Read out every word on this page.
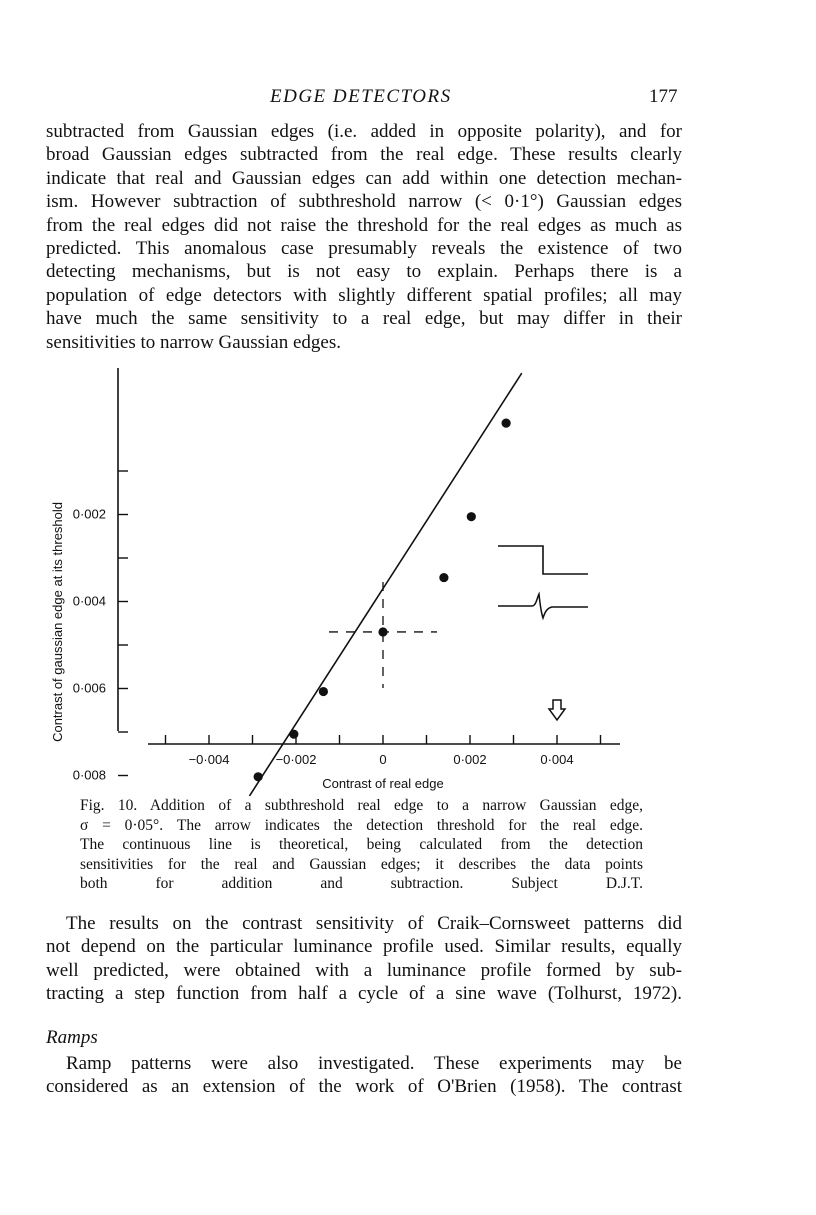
EDGE DETECTORS	177
subtracted from Gaussian edges (i.e. added in opposite polarity), and for
broad Gaussian edges subtracted from the real edge. These results clearly
indicate that real and Gaussian edges can add within one detection mechan-
ism. However subtraction of subthreshold narrow (< 0·1°) Gaussian edges
from the real edges did not raise the threshold for the real edges as much as
predicted. This anomalous case presumably reveals the existence of two
detecting mechanisms, but is not easy to explain. Perhaps there is a
population of edge detectors with slightly different spatial profiles; all may
have much the same sensitivity to a real edge, but may differ in their
sensitivities to narrow Gaussian edges.
0·002
0·004
0·006
0·008
−0·004	−0·002	0	0·002	0·004
Contrast of real edge
Contrast of gaussian edge at its threshold
Fig. 10. Addition of a subthreshold real edge to a narrow Gaussian edge,
σ = 0·05°. The arrow indicates the detection threshold for the real edge.
The continuous line is theoretical, being calculated from the detection
sensitivities for the real and Gaussian edges; it describes the data points
both for addition and subtraction. Subject D.J.T.
The results on the contrast sensitivity of Craik–Cornsweet patterns did
not depend on the particular luminance profile used. Similar results, equally
well predicted, were obtained with a luminance profile formed by sub-
tracting a step function from half a cycle of a sine wave (Tolhurst, 1972).
Ramps
Ramp patterns were also investigated. These experiments may be
considered as an extension of the work of O'Brien (1958). The contrast
